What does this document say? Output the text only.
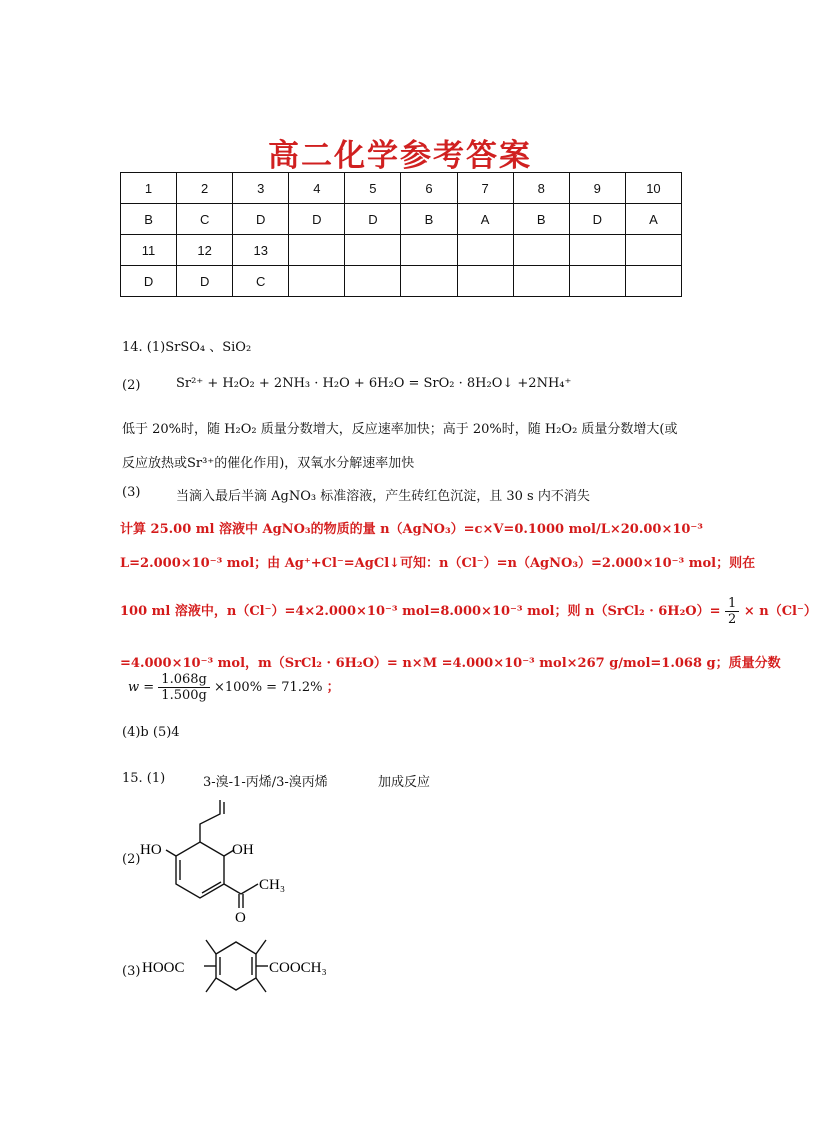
高二化学参考答案
1	2	3	4	5	6	7	8	9	10
B	C	D	D	D	B	A	B	D	A
11	12	13							
D	D	C							
14. (1)SrSO₄ 、SiO₂
(2)	Sr²⁺ + H₂O₂ + 2NH₃ · H₂O + 6H₂O = SrO₂ · 8H₂O↓ +2NH₄⁺
低于 20%时，随 H₂O₂ 质量分数增大，反应速率加快；高于 20%时，随 H₂O₂ 质量分数增大(或
反应放热或Sr³⁺的催化作用)，双氧水分解速率加快
(3)	当滴入最后半滴 AgNO₃ 标准溶液，产生砖红色沉淀，且 30 s 内不消失
计算 25.00 ml 溶液中 AgNO₃的物质的量 n（AgNO₃）=c×V=0.1000 mol/L×20.00×10⁻³
L=2.000×10⁻³ mol；由 Ag⁺+Cl⁻=AgCl↓可知：n（Cl⁻）=n（AgNO₃）=2.000×10⁻³ mol；则在
100 ml 溶液中，n（Cl⁻）=4×2.000×10⁻³ mol=8.000×10⁻³ mol；则 n（SrCl₂ · $6H_2O)= \frac{1}{2} \times n(Cl^-)$
=4.000×10⁻³ mol，m（SrCl₂ · 6H₂O）= n×M =4.000×10⁻³ mol×267 g/mol=1.068 g；质量分数
$w = \frac{1.068g}{1.500g} \times 100\% = 71.2\%$ ；
(4)b (5)4
15. (1)	3-溴-1-丙烯/3-溴丙烯	加成反应
(2)
HO	OH
CH₃
O
(3) HOOC	COOCH₃
